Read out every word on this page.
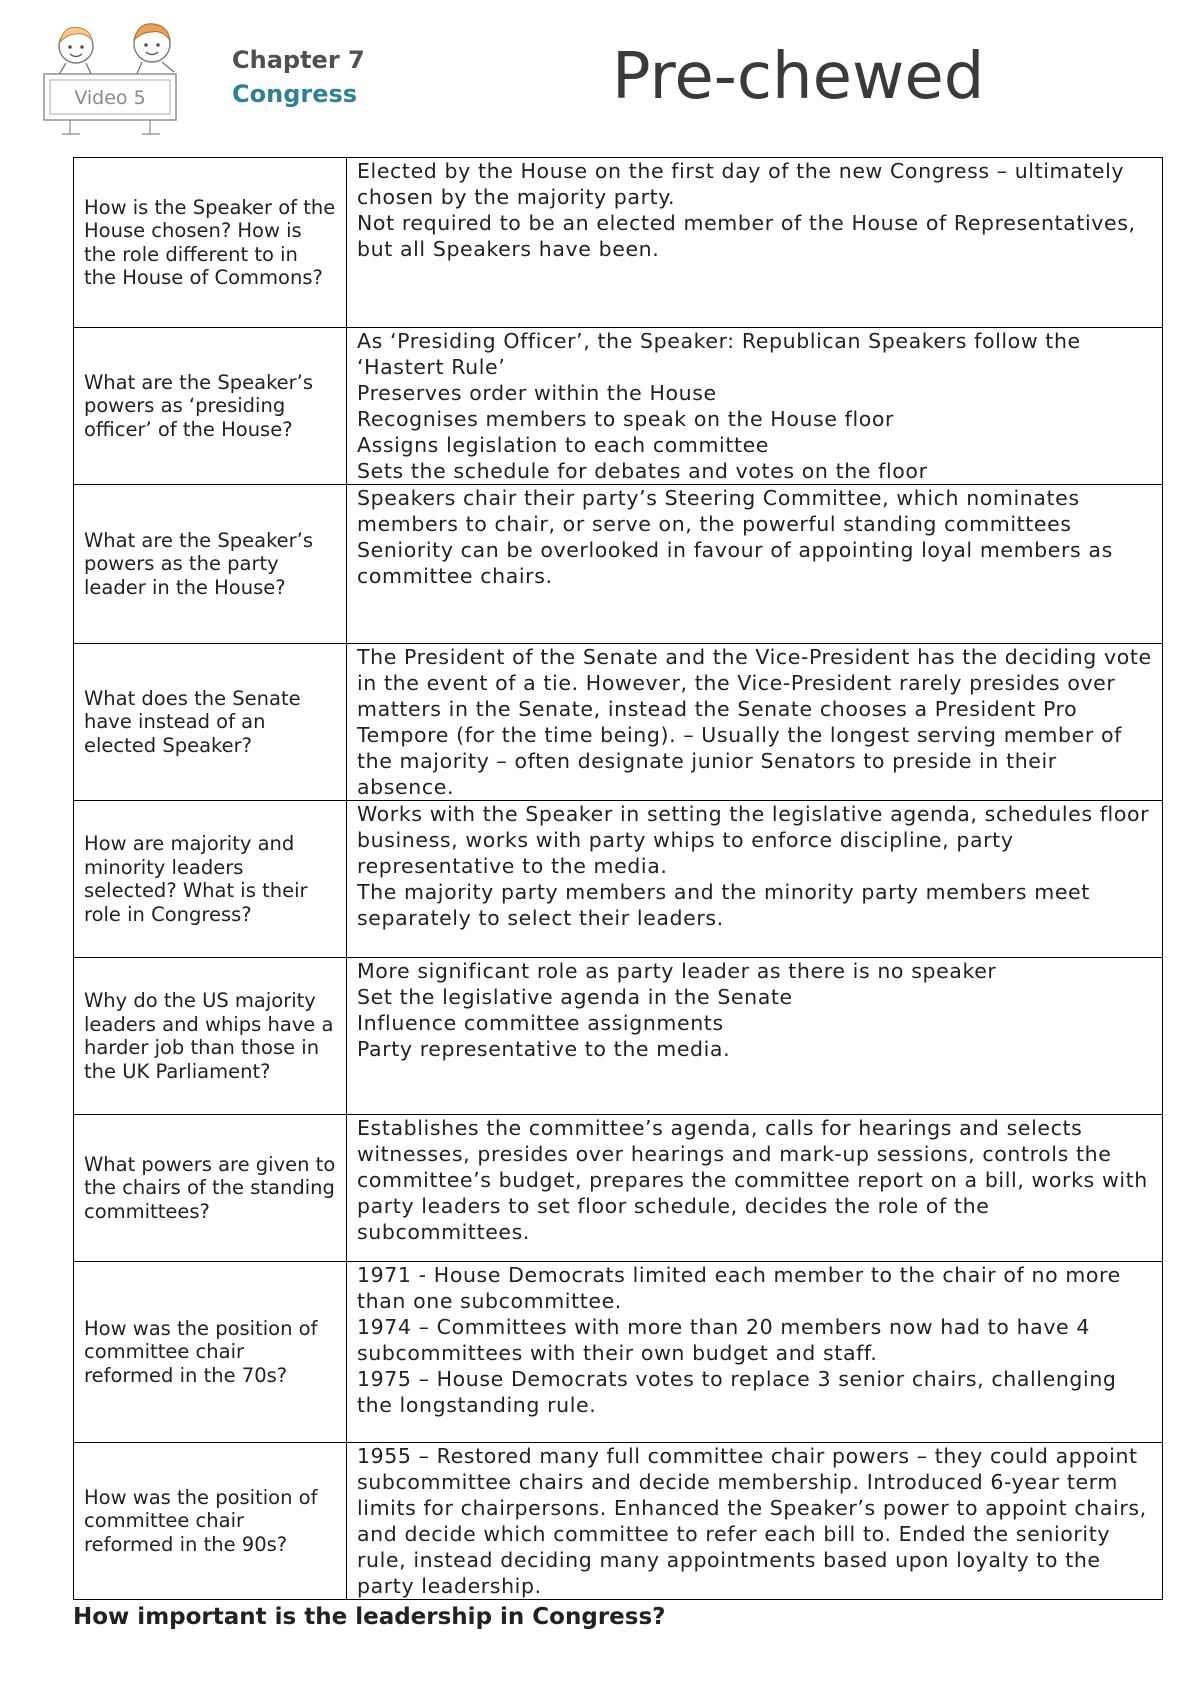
Video 5
Chapter 7
Congress	Pre-chewed
How is the Speaker of the House chosen? How is the role different to in the House of Commons?	Elected by the House on the first day of the new Congress – ultimately chosen by the majority party.
Not required to be an elected member of the House of Representatives, but all Speakers have been.

What are the Speaker’s powers as ‘presiding officer’ of the House?	As ‘Presiding Officer’, the Speaker: Republican Speakers follow the ‘Hastert Rule’
Preserves order within the House
Recognises members to speak on the House floor
Assigns legislation to each committee
Sets the schedule for debates and votes on the floor

What are the Speaker’s powers as the party leader in the House?	Speakers chair their party’s Steering Committee, which nominates members to chair, or serve on, the powerful standing committees
Seniority can be overlooked in favour of appointing loyal members as committee chairs.

What does the Senate have instead of an elected Speaker?	The President of the Senate and the Vice-President has the deciding vote in the event of a tie. However, the Vice-President rarely presides over matters in the Senate, instead the Senate chooses a President Pro Tempore (for the time being). – Usually the longest serving member of the majority – often designate junior Senators to preside in their absence.

How are majority and minority leaders selected? What is their role in Congress?	Works with the Speaker in setting the legislative agenda, schedules floor business, works with party whips to enforce discipline, party representative to the media.
The majority party members and the minority party members meet separately to select their leaders.

Why do the US majority leaders and whips have a harder job than those in the UK Parliament?	More significant role as party leader as there is no speaker
Set the legislative agenda in the Senate
Influence committee assignments
Party representative to the media.

What powers are given to the chairs of the standing committees?	Establishes the committee’s agenda, calls for hearings and selects witnesses, presides over hearings and mark-up sessions, controls the committee’s budget, prepares the committee report on a bill, works with party leaders to set floor schedule, decides the role of the subcommittees.

How was the position of committee chair reformed in the 70s?	1971 - House Democrats limited each member to the chair of no more than one subcommittee.
1974 – Committees with more than 20 members now had to have 4 subcommittees with their own budget and staff.
1975 – House Democrats votes to replace 3 senior chairs, challenging the longstanding rule.

How was the position of committee chair reformed in the 90s?	1955 – Restored many full committee chair powers – they could appoint subcommittee chairs and decide membership. Introduced 6-year term limits for chairpersons. Enhanced the Speaker’s power to appoint chairs, and decide which committee to refer each bill to. Ended the seniority rule, instead deciding many appointments based upon loyalty to the party leadership.
How important is the leadership in Congress?
